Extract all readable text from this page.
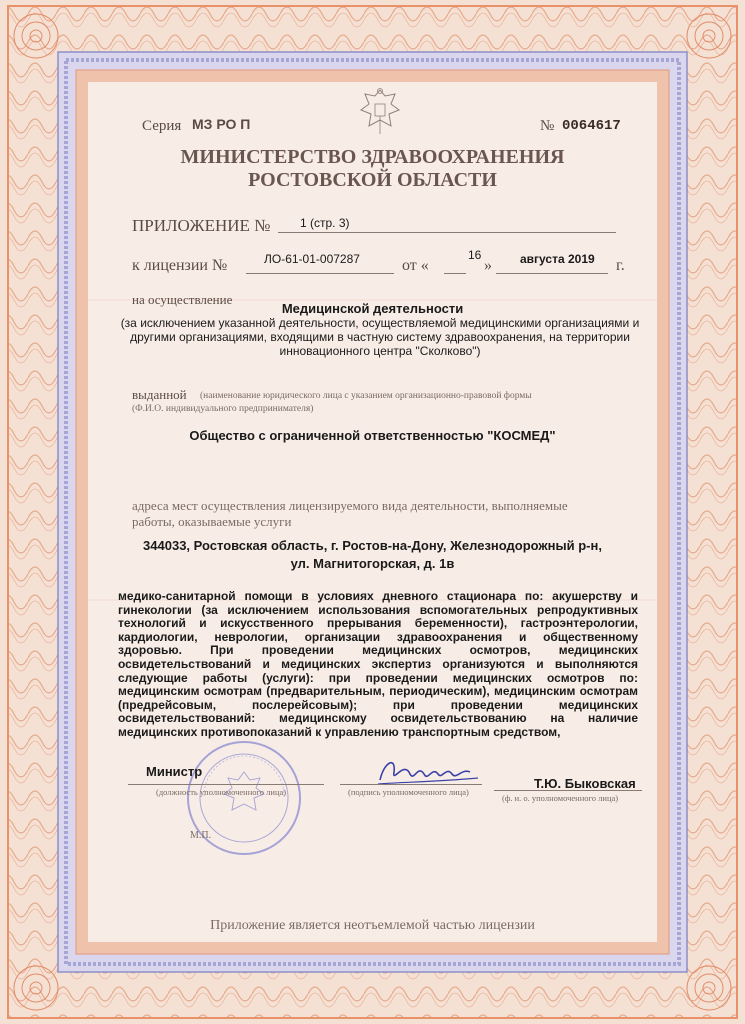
Серия МЗ РО П	№ 0064617
МИНИСТЕРСТВО ЗДРАВООХРАНЕНИЯ
РОСТОВСКОЙ ОБЛАСТИ
ПРИЛОЖЕНИЕ № 1 (стр. 3)
к лицензии №	ЛО-61-01-007287	от «
16
» августа 2019 г.
на осуществление
Медицинской деятельности
(за исключением указанной деятельности, осуществляемой медицинскими организациями и другими организациями, входящими в частную систему здравоохранения, на территории инновационного центра "Сколково")
выданной (наименование юридического лица с указанием организационно-правовой формы
(Ф.И.О. индивидуального предпринимателя)
Общество с ограниченной ответственностью "КОСМЕД"
адреса мест осуществления лицензируемого вида деятельности, выполняемые
работы, оказываемые услуги
344033, Ростовская область, г. Ростов-на-Дону, Железнодорожный р-н,
ул. Магнитогорская, д. 1в
медико-санитарной помощи в условиях дневного стационара по: акушерству и гинекологии (за исключением использования вспомогательных репродуктивных технологий и искусственного прерывания беременности), гастроэнтерологии, кардиологии, неврологии, организации здравоохранения и общественному здоровью. При проведении медицинских осмотров, медицинских освидетельствований и медицинских экспертиз организуются и выполняются следующие работы (услуги): при проведении медицинских осмотров по: медицинским осмотрам (предварительным, периодическим), медицинским осмотрам (предрейсовым, послерейсовым); при проведении медицинских освидетельствований: медицинскому освидетельствованию на наличие медицинских противопоказаний к управлению транспортным средством,
Министр
(должность уполномоченного лица)	(подпись уполномоченного лица)
Т.Ю. Быковская
(ф. и. о. уполномоченного лица)
М.П.
Приложение является неотъемлемой частью лицензии
